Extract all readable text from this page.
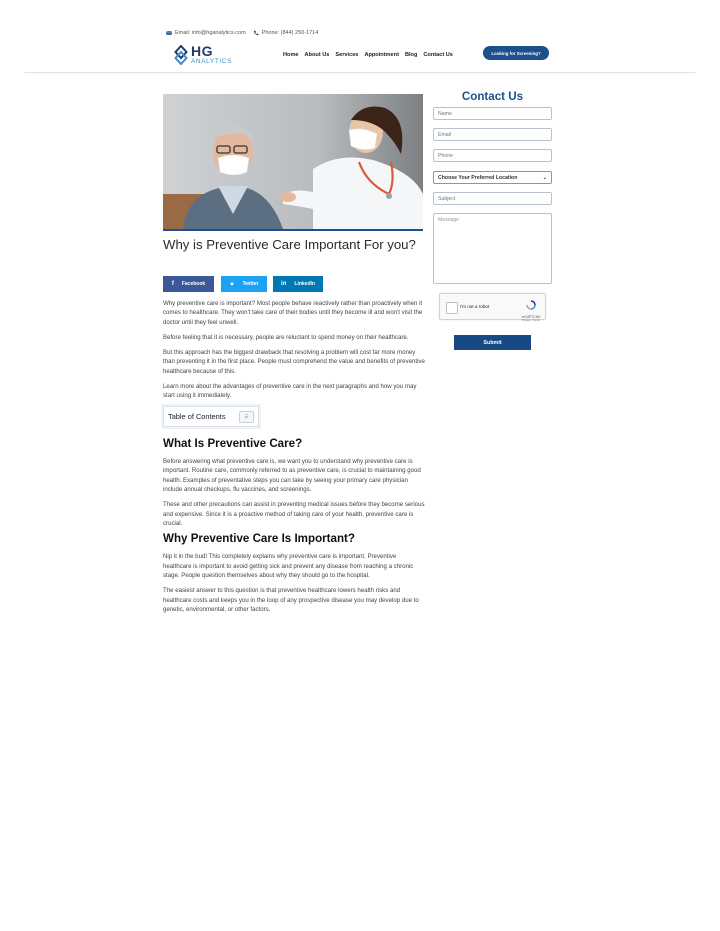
Email: info@hganalytics.com	Phone: (844) 250-1714
HG
ANALYTICS
Home About Us Services Appointment Blog Contact Us	Looking for Screening?
Why is Preventive Care Important For you?
f Facebook	✦ Twitter	in LinkedIn

Why preventive care is important? Most people behave reactively rather than proactively when it comes to healthcare. They won't take care of their bodies until they become ill and won't visit the doctor until they feel unwell.

Before feeling that it is necessary, people are reluctant to spend money on their healthcare.

But this approach has the biggest drawback that resolving a problem will cost far more money than preventing it in the first place. People must comprehend the value and benefits of preventive healthcare because of this.

Learn more about the advantages of preventive care in the next paragraphs and how you may start using it immediately.

Table of Contents	☰
What Is Preventive Care?

Before answering what preventive care is, we want you to understand why preventive care is important. Routine care, commonly referred to as preventive care, is crucial to maintaining good health. Examples of preventative steps you can take by seeing your primary care physician include annual checkups, flu vaccines, and screenings.

These and other precautions can assist in preventing medical issues before they become serious and expensive. Since it is a proactive method of taking care of your health, preventive care is crucial.

Why Preventive Care Is Important?

Nip it in the bud! This completely explains why preventive care is important. Preventive healthcare is important to avoid getting sick and prevent any disease from reaching a chronic stage. People question themselves about why they should go to the hospital.

The easiest answer to this question is that preventive healthcare lowers health risks and healthcare costs and keeps you in the loop of any prospective disease you may develop due to genetic, environmental, or other factors.

Contact Us
Name
Email
Phone
Choose Your Preferred Location	⌄
Subject
Message
I'm not a robot
reCAPTCHA
Privacy - Terms
Submit
